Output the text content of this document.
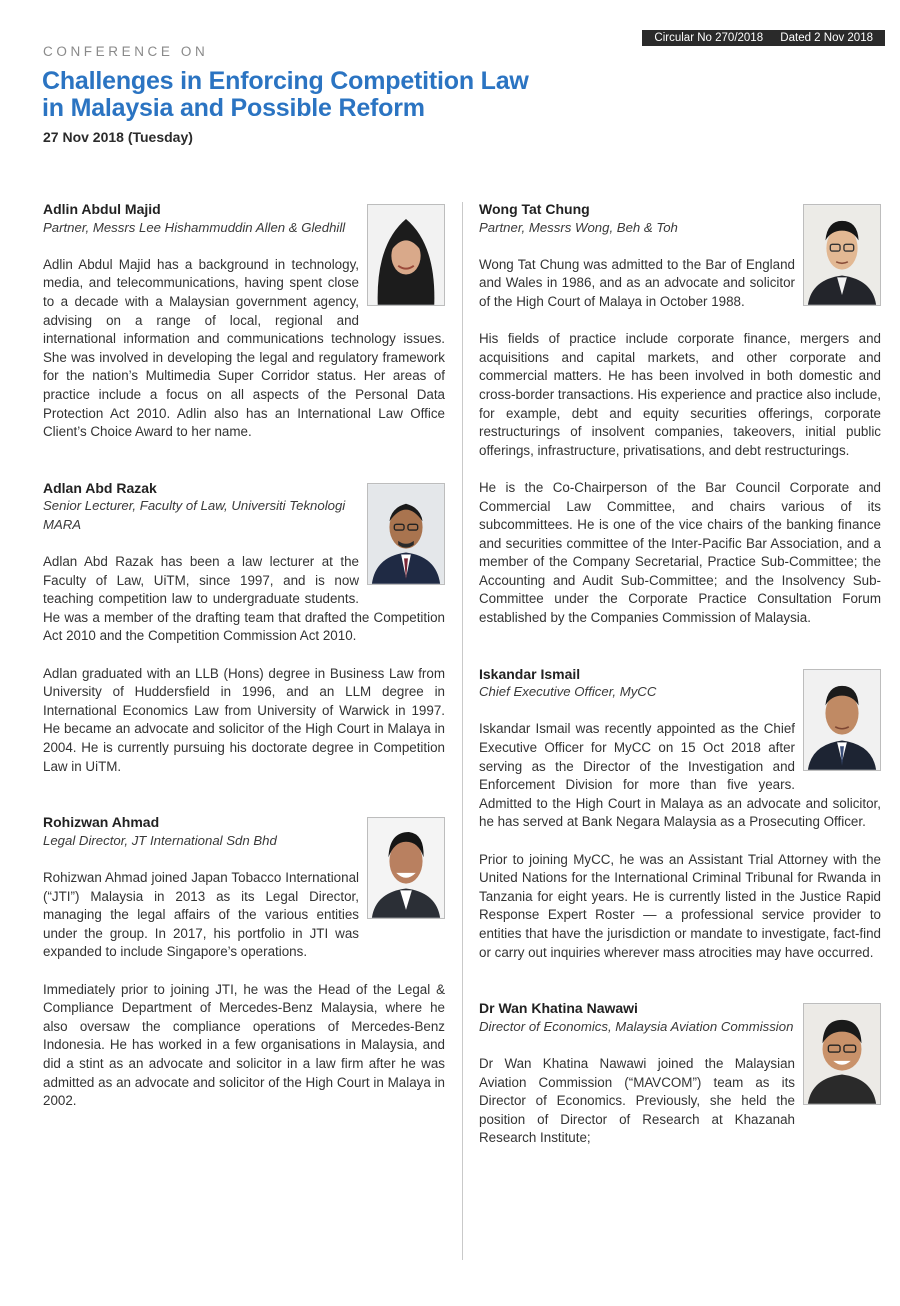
Circular No 270/2018 Dated 2 Nov 2018
CONFERENCE ON
Challenges in Enforcing Competition Law
in Malaysia and Possible Reform
27 Nov 2018 (Tuesday)
Adlin Abdul Majid
Partner, Messrs Lee Hishammuddin Allen & Gledhill

Adlin Abdul Majid has a background in technology, media, and telecommunications, having spent close to a decade with a Malaysian government agency, advising on a range of local, regional and international information and communications technology issues. She was involved in developing the legal and regulatory framework for the nation’s Multimedia Super Corridor status. Her areas of practice include a focus on all aspects of the Personal Data Protection Act 2010. Adlin also has an International Law Office Client’s Choice Award to her name.

Adlan Abd Razak
Senior Lecturer, Faculty of Law, Universiti Teknologi MARA

Adlan Abd Razak has been a law lecturer at the Faculty of Law, UiTM, since 1997, and is now teaching competition law to undergraduate students. He was a member of the drafting team that drafted the Competition Act 2010 and the Competition Commission Act 2010.

Adlan graduated with an LLB (Hons) degree in Business Law from University of Huddersfield in 1996, and an LLM degree in International Economics Law from University of Warwick in 1997. He became an advocate and solicitor of the High Court in Malaya in 2004. He is currently pursuing his doctorate degree in Competition Law in UiTM.

Rohizwan Ahmad
Legal Director, JT International Sdn Bhd

Rohizwan Ahmad joined Japan Tobacco International (“JTI”) Malaysia in 2013 as its Legal Director, managing the legal affairs of the various entities under the group. In 2017, his portfolio in JTI was expanded to include Singapore’s operations.

Immediately prior to joining JTI, he was the Head of the Legal & Compliance Department of Mercedes-Benz Malaysia, where he also oversaw the compliance operations of Mercedes-Benz Indonesia. He has worked in a few organisations in Malaysia, and did a stint as an advocate and solicitor in a law firm after he was admitted as an advocate and solicitor of the High Court in Malaya in 2002.

Wong Tat Chung
Partner, Messrs Wong, Beh & Toh

Wong Tat Chung was admitted to the Bar of England and Wales in 1986, and as an advocate and solicitor of the High Court of Malaya in October 1988.

His fields of practice include corporate finance, mergers and acquisitions and capital markets, and other corporate and commercial matters. He has been involved in both domestic and cross-border transactions. His experience and practice also include, for example, debt and equity securities offerings, corporate restructurings of insolvent companies, takeovers, initial public offerings, infrastructure, privatisations, and debt restructurings.

He is the Co-Chairperson of the Bar Council Corporate and Commercial Law Committee, and chairs various of its subcommittees. He is one of the vice chairs of the banking finance and securities committee of the Inter-Pacific Bar Association, and a member of the Company Secretarial, Practice Sub-Committee; the Accounting and Audit Sub-Committee; and the Insolvency Sub-Committee under the Corporate Practice Consultation Forum established by the Companies Commission of Malaysia.

Iskandar Ismail
Chief Executive Officer, MyCC

Iskandar Ismail was recently appointed as the Chief Executive Officer for MyCC on 15 Oct 2018 after serving as the Director of the Investigation and Enforcement Division for more than five years. Admitted to the High Court in Malaya as an advocate and solicitor, he has served at Bank Negara Malaysia as a Prosecuting Officer.

Prior to joining MyCC, he was an Assistant Trial Attorney with the United Nations for the International Criminal Tribunal for Rwanda in Tanzania for eight years. He is currently listed in the Justice Rapid Response Expert Roster — a professional service provider to entities that have the jurisdiction or mandate to investigate, fact-find or carry out inquiries wherever mass atrocities may have occurred.

Dr Wan Khatina Nawawi
Director of Economics, Malaysia Aviation Commission

Dr Wan Khatina Nawawi joined the Malaysian Aviation Commission (“MAVCOM”) team as its Director of Economics. Previously, she held the position of Director of Research at Khazanah Research Institute;
